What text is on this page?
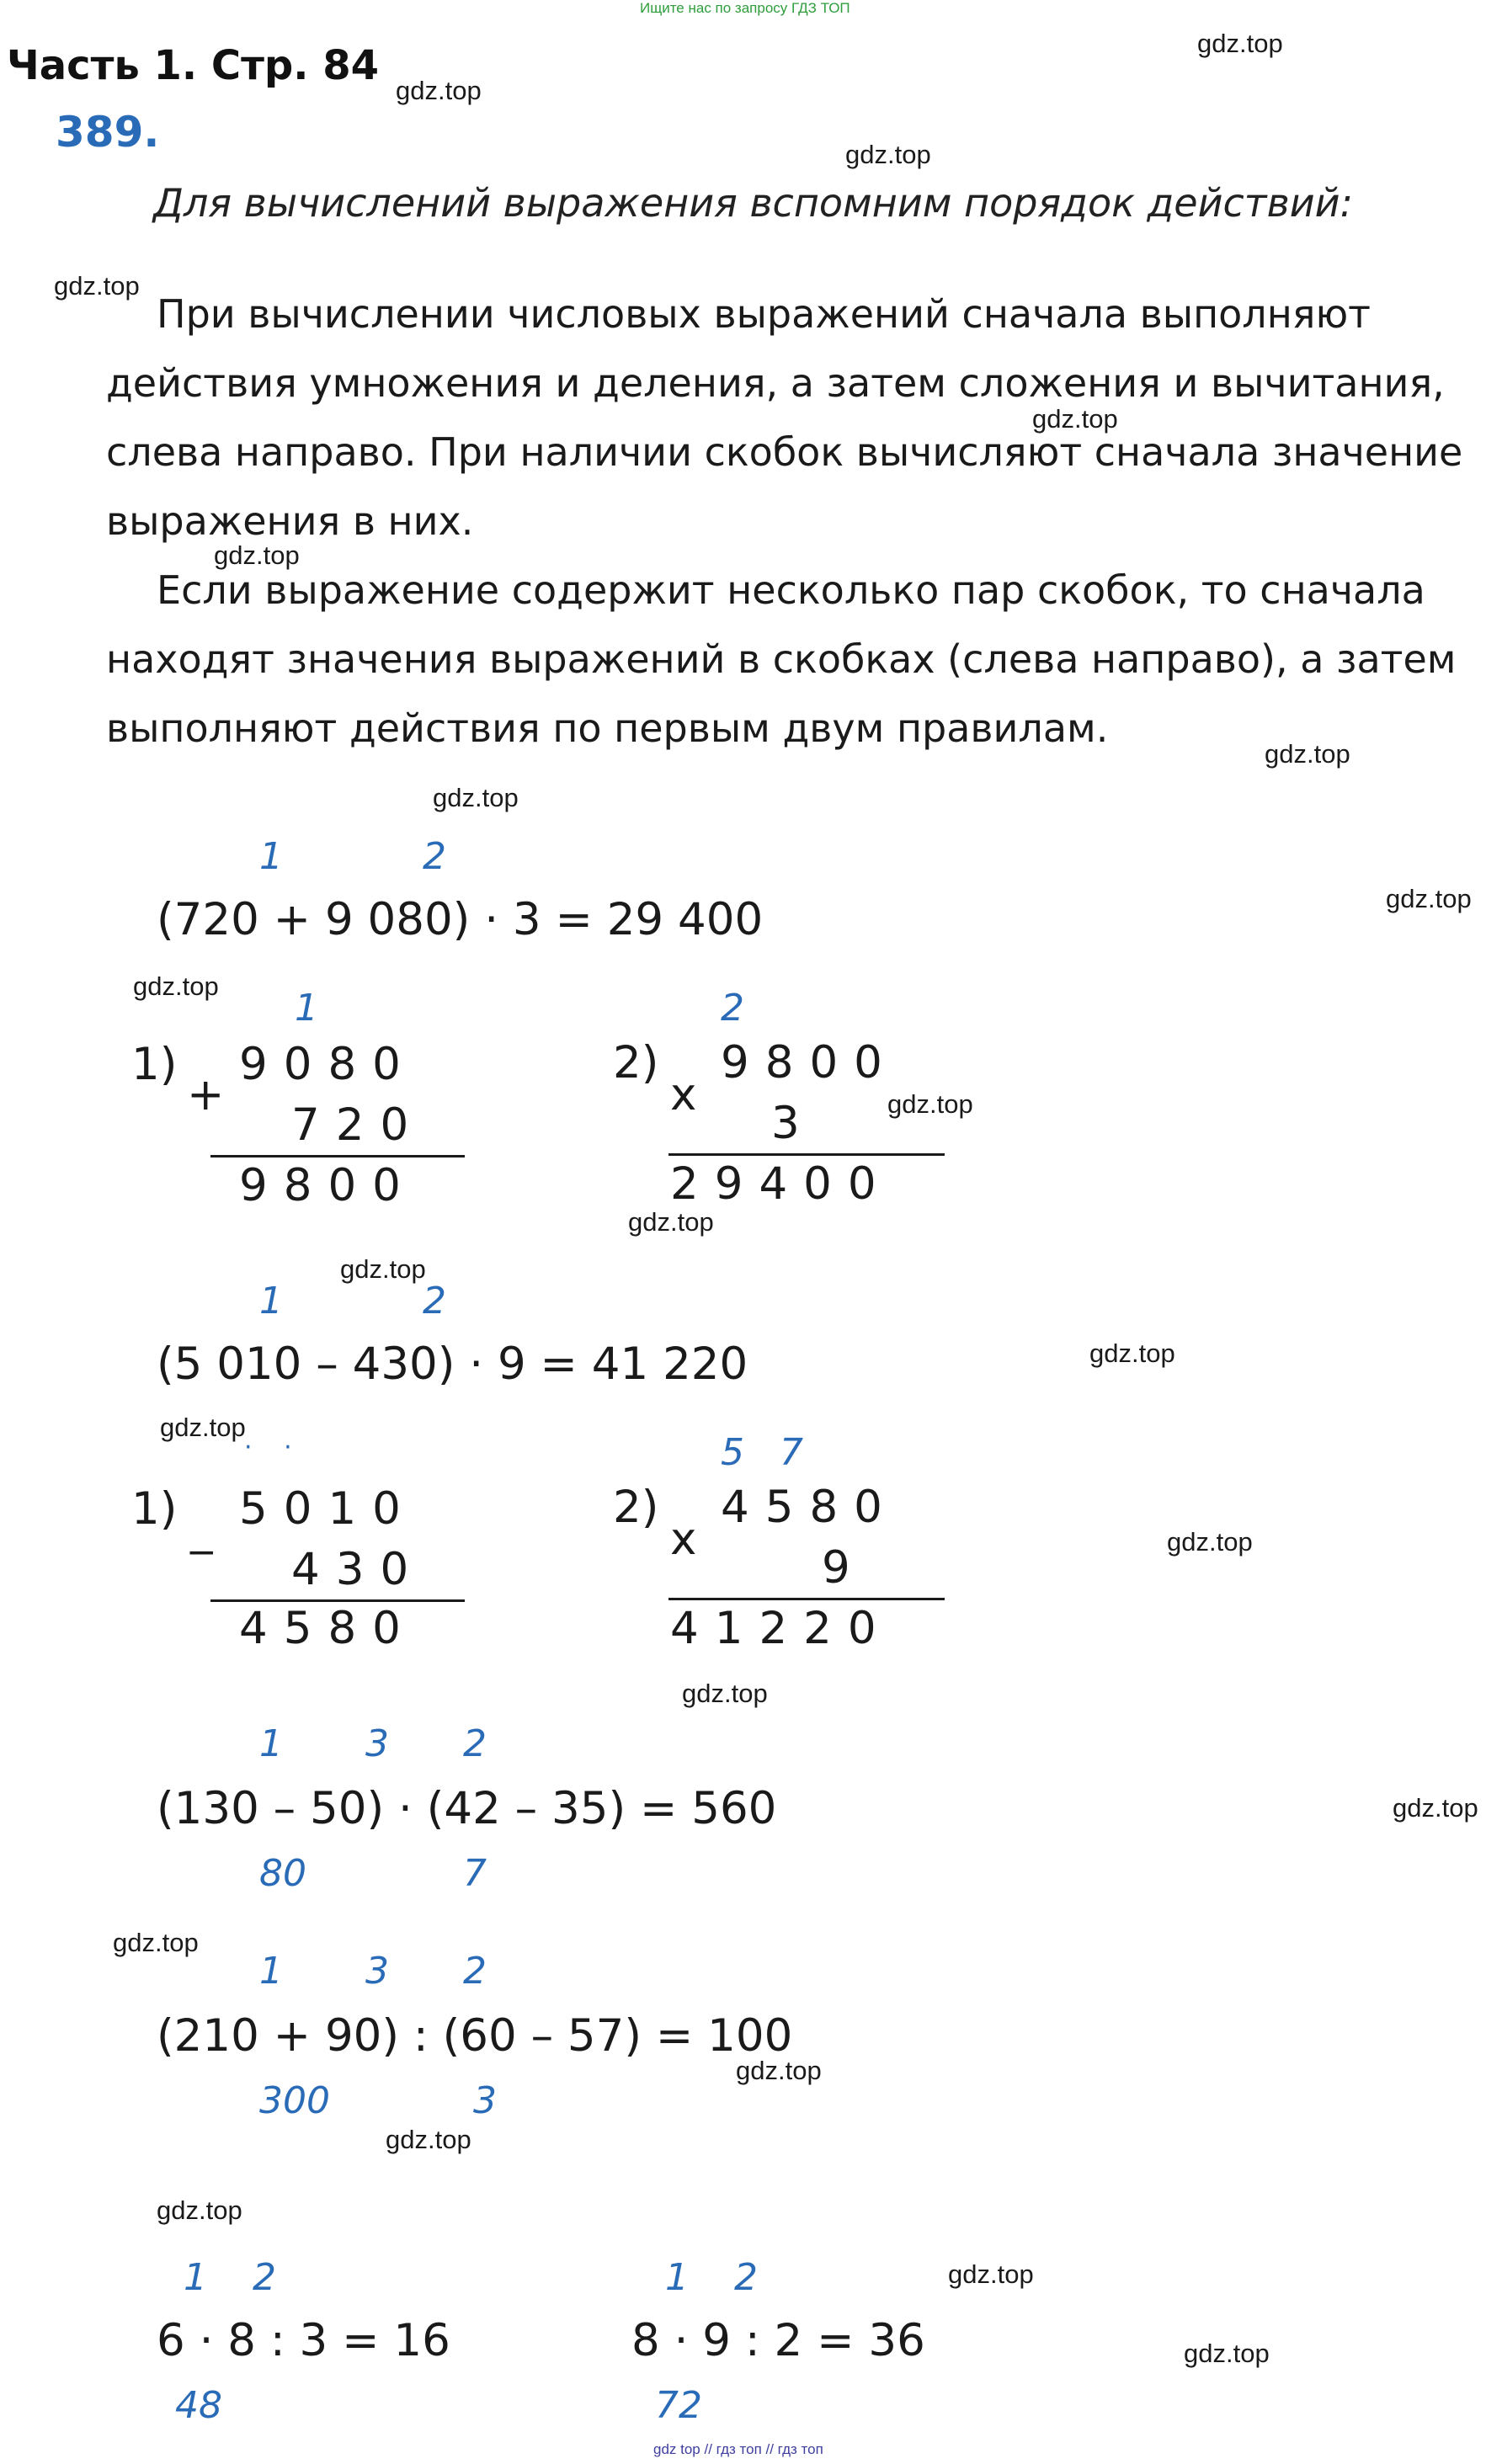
Ищите нас по запросу ГДЗ ТОП
Часть 1. Стр. 84
389.
Для вычислений выражения вспомним порядок действий:
При вычислении числовых выражений сначала выполняют действия умножения и деления, а затем сложения и вычитания, слева направо. При наличии скобок вычисляют сначала значение выражения в них.
Если выражение содержит несколько пар скобок, то сначала находят значения выражений в скобках (слева направо), а затем выполняют действия по первым двум правилам.
1	2
(720 + 9 080) · 3 = 29 400
1)
+
1
9080
720
9800
2)
x
2
9800
3
29400
1	2
(5 010 – 430) · 9 = 41 220
1) _
· ·
5010
430
4580
2)
x
5 7
4580
9
41220
1 3 2
(130 – 50) · (42 – 35) = 560
80	7
1 3 2
(210 + 90) : (60 – 57) = 100
300	3
1 2
6 · 8 : 3 = 16
48
1 2
8 · 9 : 2 = 36
72
gdz.top
gdz.top
gdz.top
gdz.top
gdz.top
gdz.top
gdz.top
gdz.top
gdz.top
gdz.top
gdz.top
gdz.top
gdz.top
gdz.top
gdz.top
gdz.top
gdz.top
gdz.top
gdz.top
gdz.top
gdz.top
gdz.top
gdz.top
gdz.top
gdz top // гдз топ // гдз топ
